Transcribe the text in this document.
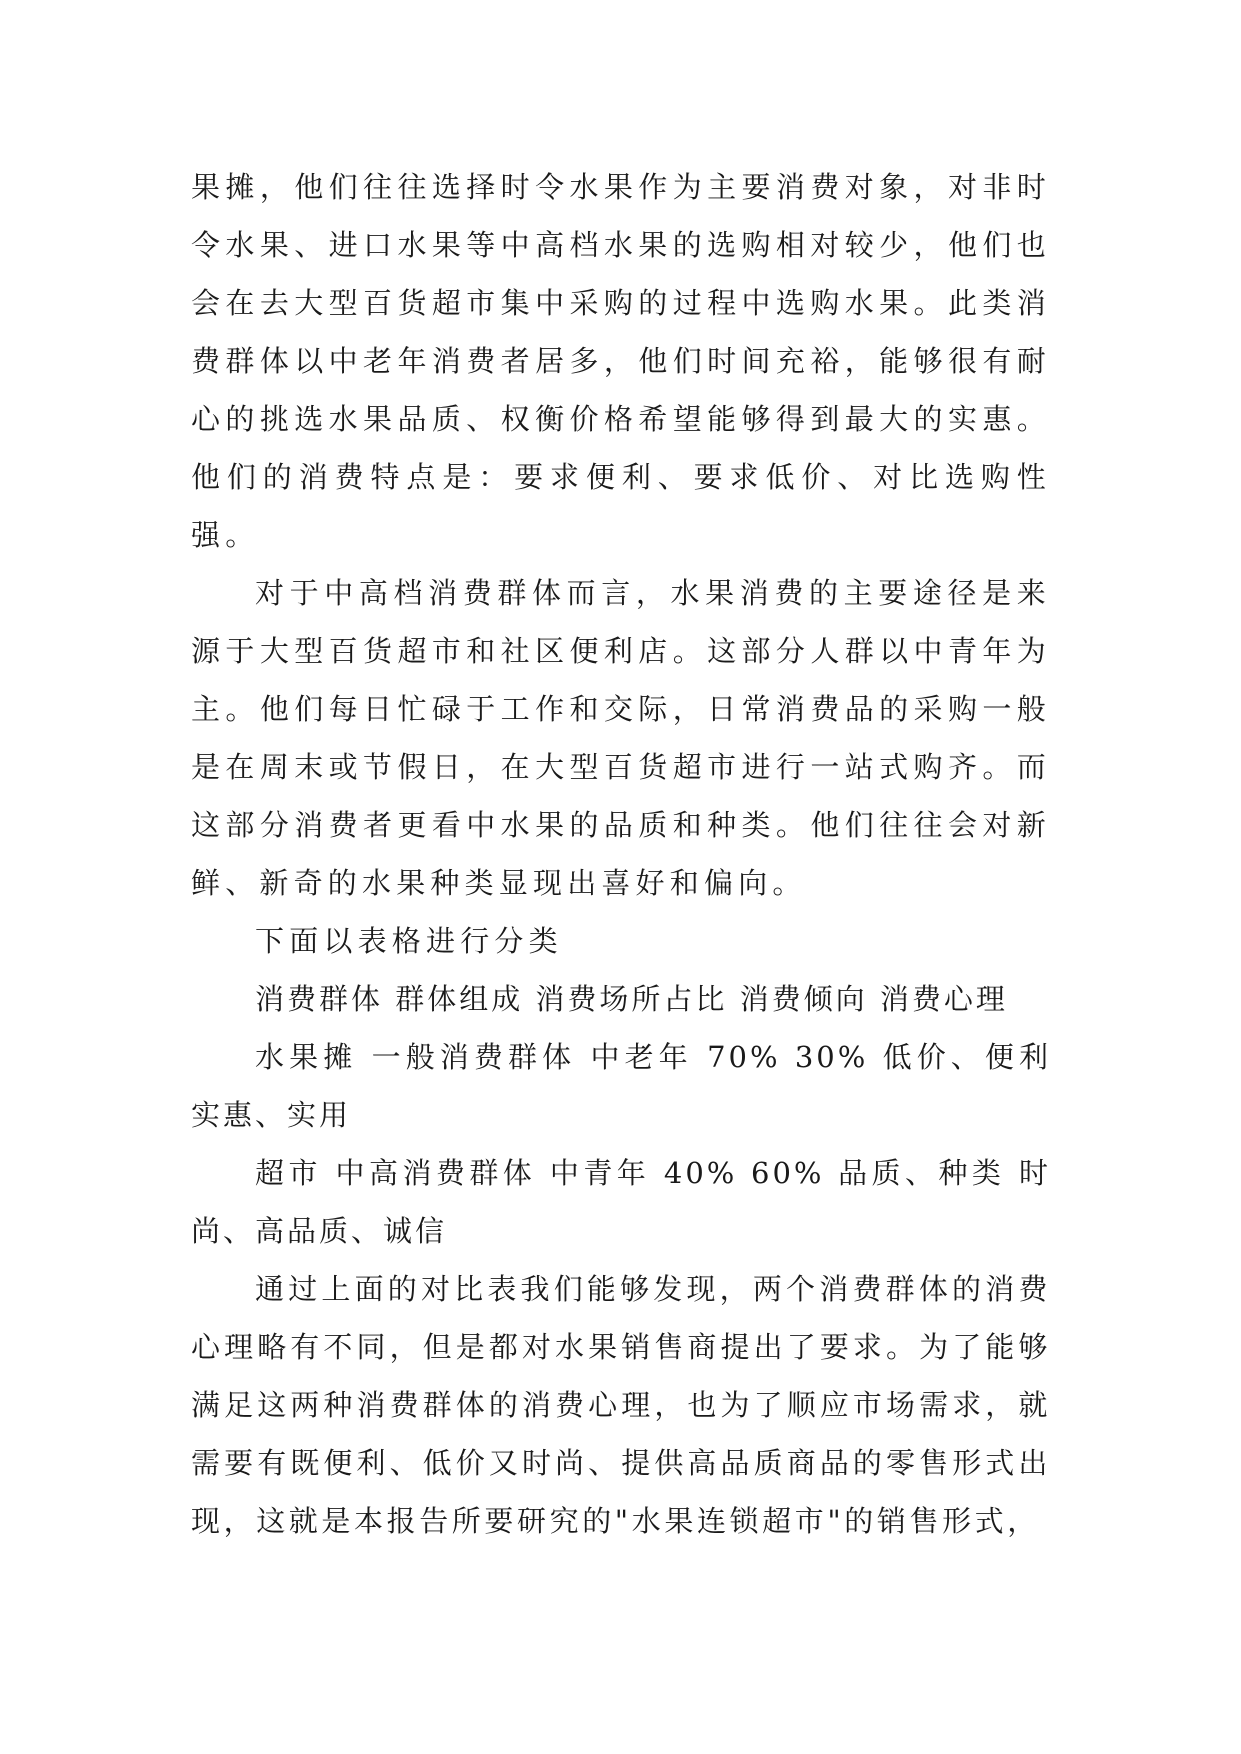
果摊，他们往往选择时令水果作为主要消费对象，对非时令水果、进口水果等中高档水果的选购相对较少，他们也会在去大型百货超市集中采购的过程中选购水果。此类消费群体以中老年消费者居多，他们时间充裕，能够很有耐心的挑选水果品质、权衡价格希望能够得到最大的实惠。他们的消费特点是：要求便利、要求低价、对比选购性强。

对于中高档消费群体而言，水果消费的主要途径是来源于大型百货超市和社区便利店。这部分人群以中青年为主。他们每日忙碌于工作和交际，日常消费品的采购一般是在周末或节假日，在大型百货超市进行一站式购齐。而这部分消费者更看中水果的品质和种类。他们往往会对新鲜、新奇的水果种类显现出喜好和偏向。

下面以表格进行分类

消费群体 群体组成 消费场所占比 消费倾向 消费心理

水果摊 一般消费群体 中老年 70% 30% 低价、便利 实惠、实用

超市 中高消费群体 中青年 40% 60% 品质、种类 时尚、高品质、诚信

通过上面的对比表我们能够发现，两个消费群体的消费心理略有不同，但是都对水果销售商提出了要求。为了能够满足这两种消费群体的消费心理，也为了顺应市场需求，就需要有既便利、低价又时尚、提供高品质商品的零售形式出现，这就是本报告所要研究的"水果连锁超市"的销售形式，
